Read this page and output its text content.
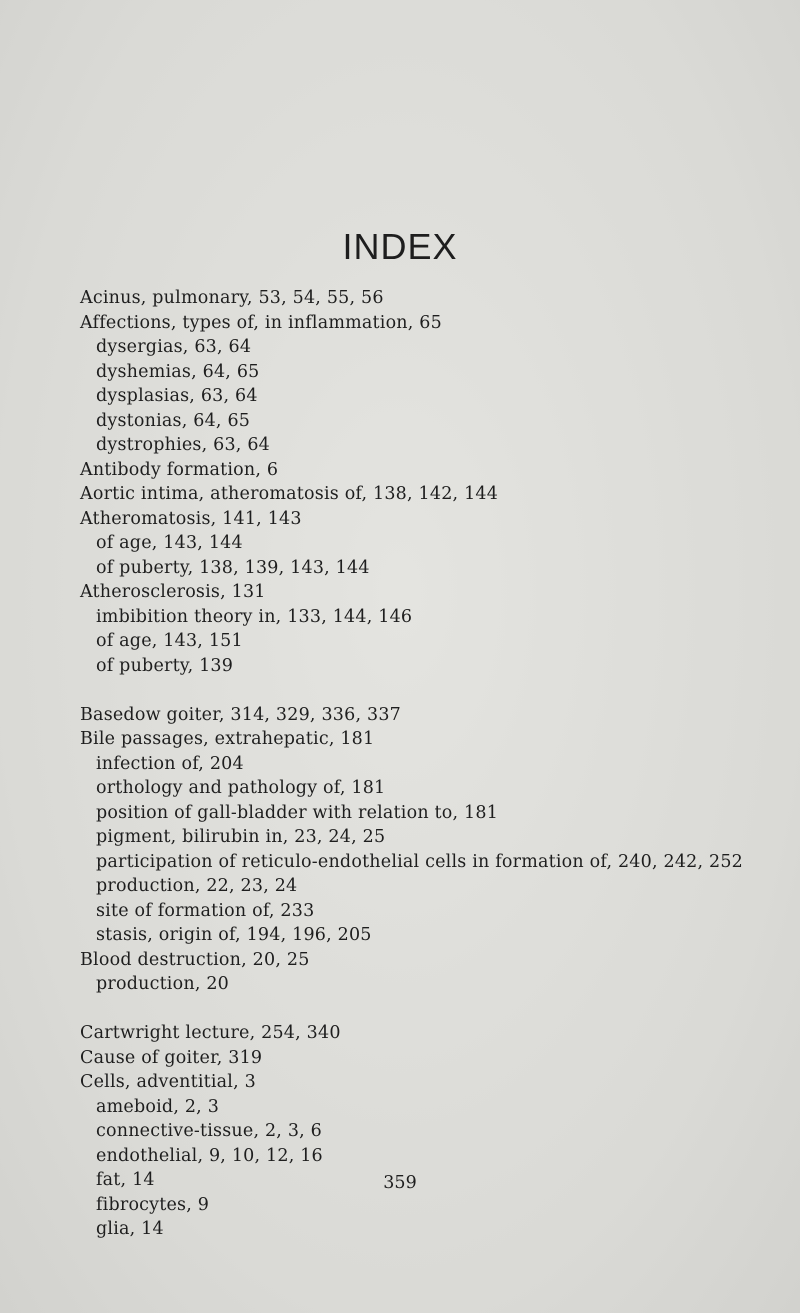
INDEX
Acinus, pulmonary, 53, 54, 55, 56
Affections, types of, in inflammation, 65
dysergias, 63, 64
dyshemias, 64, 65
dysplasias, 63, 64
dystonias, 64, 65
dystrophies, 63, 64
Antibody formation, 6
Aortic intima, atheromatosis of, 138, 142, 144
Atheromatosis, 141, 143
of age, 143, 144
of puberty, 138, 139, 143, 144
Atherosclerosis, 131
imbibition theory in, 133, 144, 146
of age, 143, 151
of puberty, 139
Basedow goiter, 314, 329, 336, 337
Bile passages, extrahepatic, 181
infection of, 204
orthology and pathology of, 181
position of gall-bladder with relation to, 181
pigment, bilirubin in, 23, 24, 25
participation of reticulo-endothelial cells in formation of, 240, 242, 252
production, 22, 23, 24
site of formation of, 233
stasis, origin of, 194, 196, 205
Blood destruction, 20, 25
production, 20
Cartwright lecture, 254, 340
Cause of goiter, 319
Cells, adventitial, 3
ameboid, 2, 3
connective-tissue, 2, 3, 6
endothelial, 9, 10, 12, 16
fat, 14
fibrocytes, 9
glia, 14
359
